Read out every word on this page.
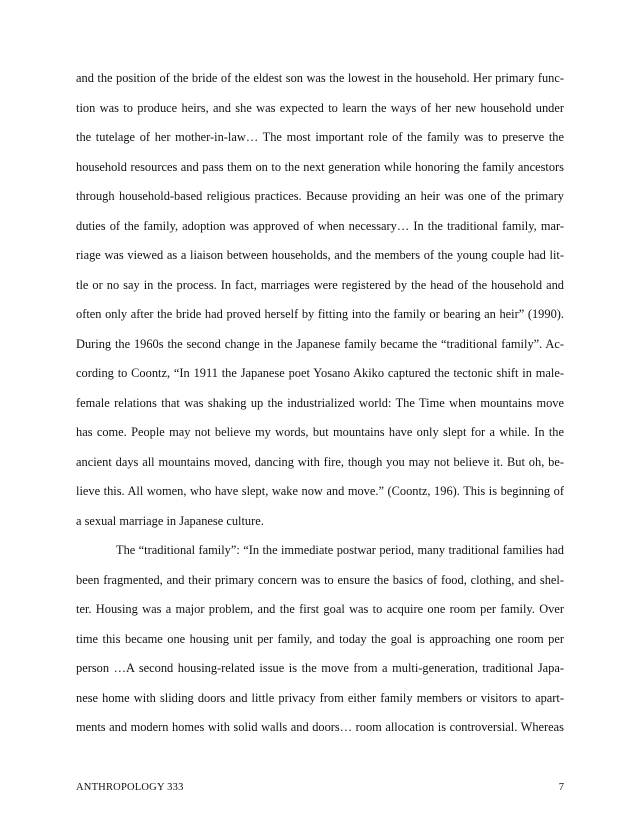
and the position of the bride of the eldest son was the lowest in the household. Her primary func-
tion was to produce heirs, and she was expected to learn the ways of her new household under
the tutelage of her mother-in-law… The most important role of the family was to preserve the
household resources and pass them on to the next generation while honoring the family ancestors
through household-based religious practices. Because providing an heir was one of the primary
duties of the family, adoption was approved of when necessary… In the traditional family, mar-
riage was viewed as a liaison between households, and the members of the young couple had lit-
tle or no say in the process. In fact, marriages were registered by the head of the household and
often only after the bride had proved herself by fitting into the family or bearing an heir” (1990).
During the 1960s the second change in the Japanese family became the “traditional family”. Ac-
cording to Coontz, “In 1911 the Japanese poet Yosano Akiko captured the tectonic shift in male-
female relations that was shaking up the industrialized world: The Time when mountains move
has come. People may not believe my words, but mountains have only slept for a while. In the
ancient days all mountains moved, dancing with fire, though you may not believe it. But oh, be-
lieve this. All women, who have slept, wake now and move.” (Coontz, 196). This is beginning of
a sexual marriage in Japanese culture.
The “traditional family”: “In the immediate postwar period, many traditional families had
been fragmented, and their primary concern was to ensure the basics of food, clothing, and shel-
ter. Housing was a major problem, and the first goal was to acquire one room per family. Over
time this became one housing unit per family, and today the goal is approaching one room per
person …A second housing-related issue is the move from a multi-generation, traditional Japa-
nese home with sliding doors and little privacy from either family members or visitors to apart-
ments and modern homes with solid walls and doors… room allocation is controversial. Whereas
ANTHROPOLOGY 333	7
